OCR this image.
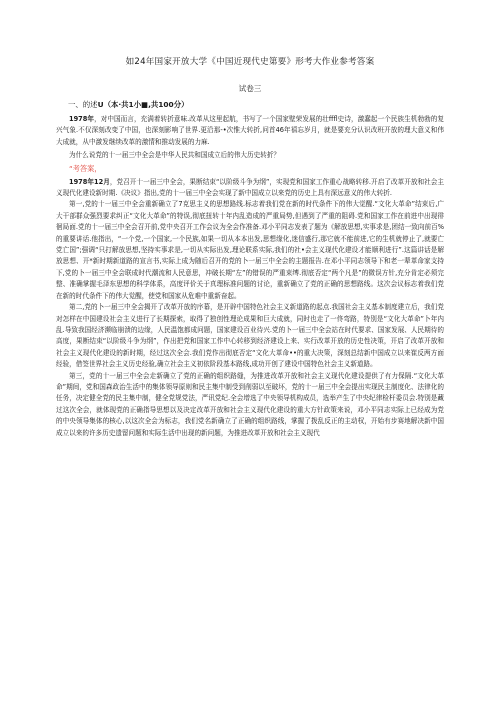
如24年国家开放大学《中国近现代史第要》形考大作业参考答案
试卷三
一、的述U（本·共1小■,共100分）

1978年，对中国而言，充满着转折意味.改革从这里起航，书写了一个国家壁荣发展的壮fffl史诗，激蠢起一个民族生机勃勃的复兴气象.不仅深刻改变了中国，也深刻影响了世界.更沿那-•次惟大转折,问首46年禧忘岁月，就是要充分认识改班开放的理大意义和伟大成就，从中激发继续改革的激情和推动发展的力麻.

为什么说党的十一届三中全会是中华人民共和国成立后的伟大历史转折？

“考答案，

1978年12月，党召开十一届三中全会，果断结束“以阶级斗争为纲”，实现党和国家工作重心战略转移.开启了改革开放和社会主义现代化建设新时期.《决议》指出,党的十一届三中全会实现了新中国成立以来党的历史上具有深远意义的伟大转折.

第一,党的十一届三中全会重新确立了7克思主义的思想路线.标志着我们党在新的时代条件下的伟大觉醒.“文化大革命”结束后,广大干部群众强烈要求纠正“文化大革命”的特误,彻底扭转十年内乱造成的严重局势,但遇到了严重的阻碍.党和国家工作在前进中出现徘徊局面.党的十一届三中全会召开前,党中央召开工作会议为全会作准备.邓小平同志发表了题为《解放思想,实事求是,团结一致向前百%的重要讲话.他指出，“一个党,一个国家,一个民族,如果一切从本本出发,思想缘化,迷信盛行,那它就不能前进,它的生机就停止了,就要亡党亡国”;强调“只打解放思想,坚持实事求是,一切从实际出发,理论联系实际,我们的社•会主义现代化建设才能顺利进行”.这篇讲话是解放思想、开*新时期新道路的宣言书,实际上成为随后召开的党的卜一届三中全会的主题报告.在邓小平同志领导下和老一辈革命家支持下,党的卜一届三中全会联成时代潮流和人民意思，冲破长期“左”的错误的严重束缚.彻底否定“两个凡是”的微误方针,充分肯定必须完整、准确掌握毛泽东思想的科学体系，高度评价关于真理标准问题的讨论，重新确立了党的正确的思想路线。这次会议标志着我们党在新的时代条件下的伟大觉醒，使党和国家从危难中重新奋起。

第二,党的卜一届三中全会揭开了改革开放的序幕，是开辟中国特色社会主义新道路的起点.我国社会主义基本制度建立后，我们党对怎样在中国建设社会主义进行了长期探索，取得了独创性理论成果和巨大成就，同时也走了一佟弯路，特别是“文化大革命”卜年内乱.导致我国经济濒临崩溃的边缘，人民温饱都成问题，国家建设百业待兴.党的卜一届三中全会站在时代要求、国家发展、人民期待的高度，果断结束“以阶级斗争为纲”，作出把党和国家工作中心转移到经济建设上来、实行改革开放的历史性决策，开启了改革开放和社会主义现代化建设的新时期，经过这次全会.我们党作出彻底否定“文化大革命••的重大决策，深刻总结新中国成立以来崔反两方面经验，借签世界社会主义历史经验,确立社会主义初依阶段基本路线,成功开创了建设中国特色社会主义新道路。

第三，党的十一届三中全会走新确立了党的正确的组织路缝，为推进改革开放和社会主义现代化建设提供了有力保隔.“文化大革命”期间，党和国森政治生活中的集体领导原则和民主集中制受到削弱以至破坏，党的十一届三中全会提出实现民主制度化、法律化的任务，决定健全党的民主集中制，健全党规党法，严讯党纪.全会增选了中央领导机构成员，选举产生了中央纪律检杆委员会.特别是藏过这次全会，就体现党的正确指导思想以及决定改革开放和社会主义现代化建设的重大方针政策来说，邓小平同志实际上已经成为党的中央领导集体的核心,以这次全会为标志，我们党名新确立了正确的组织路线，掌握了拨乱反正的主动权，开始有步赛地解决新中国成立以来的许多历史遗留问题和实际生活中出现的新问题，为推进改革开放和社会主义现代
